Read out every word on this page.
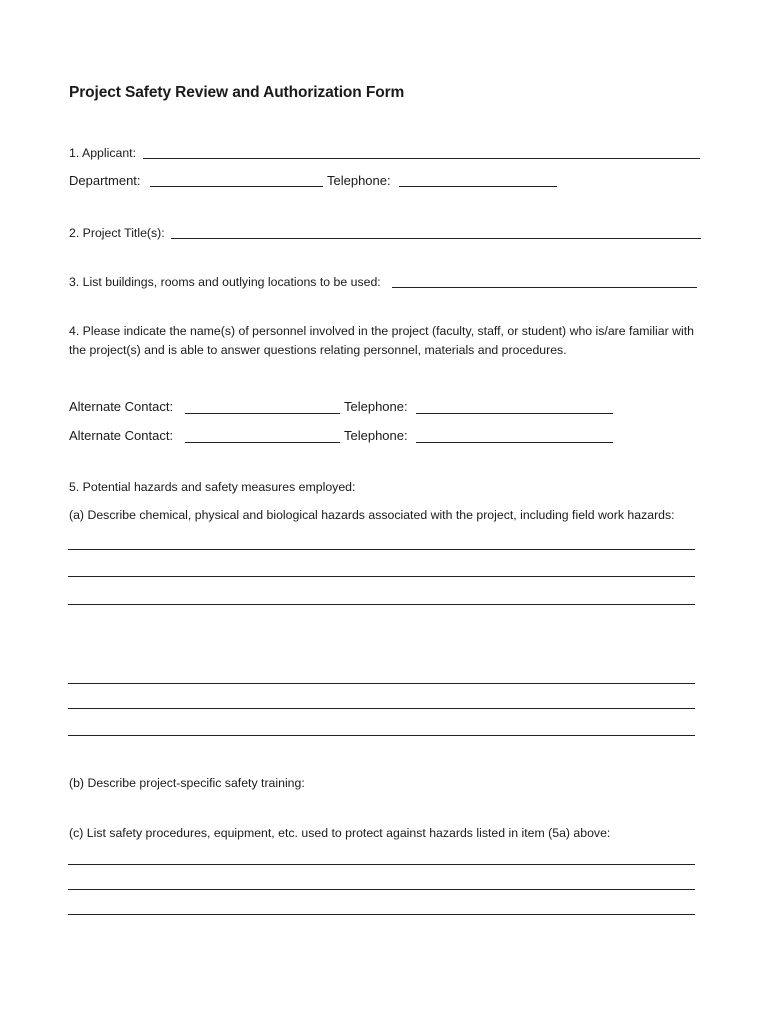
Project Safety Review and Authorization Form
1. Applicant:
Department:	Telephone:
2. Project Title(s):
3. List buildings, rooms and outlying locations to be used:
4. Please indicate the name(s) of personnel involved in the project (faculty, staff, or student) who is/are familiar with the project(s) and is able to answer questions relating personnel, materials and procedures.
Alternate Contact:	Telephone:
Alternate Contact:	Telephone:
5. Potential hazards and safety measures employed:
(a) Describe chemical, physical and biological hazards associated with the project, including field work hazards:
(b) Describe project-specific safety training:
(c) List safety procedures, equipment, etc. used to protect against hazards listed in item (5a) above:
